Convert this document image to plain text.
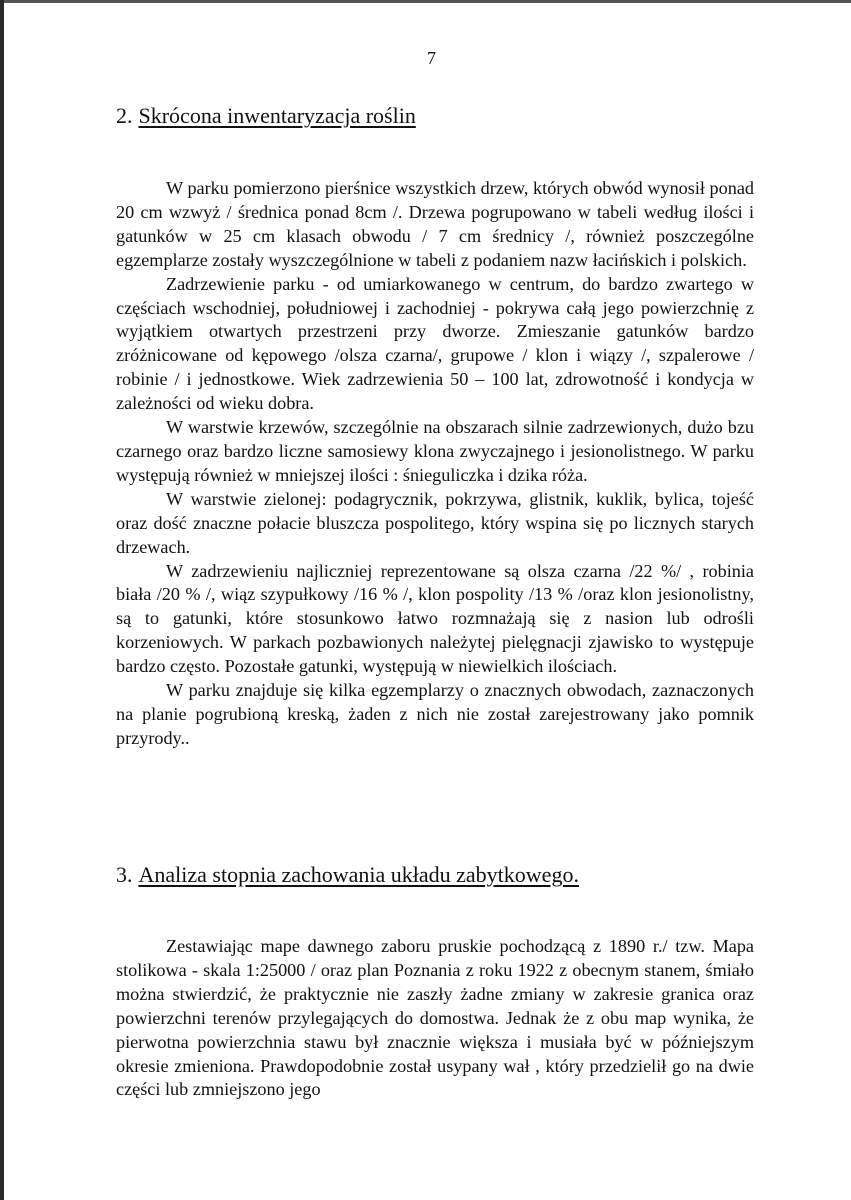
7
2. Skrócona inwentaryzacja roślin

W parku pomierzono pierśnice wszystkich drzew, których obwód wynosił ponad 20 cm wzwyż / średnica ponad 8cm /. Drzewa pogrupowano w tabeli według ilości i gatunków w 25 cm klasach obwodu / 7 cm średnicy /, również poszczególne egzemplarze zostały wyszczególnione w tabeli z podaniem nazw łacińskich i polskich.

Zadrzewienie parku - od umiarkowanego w centrum, do bardzo zwartego w częściach wschodniej, południowej i zachodniej - pokrywa całą jego powierzchnię z wyjątkiem otwartych przestrzeni przy dworze. Zmieszanie gatunków bardzo zróżnicowane od kępowego /olsza czarna/, grupowe / klon i wiązy /, szpalerowe / robinie / i jednostkowe. Wiek zadrzewienia 50 – 100 lat, zdrowotność i kondycja w zależności od wieku dobra.

W warstwie krzewów, szczególnie na obszarach silnie zadrzewionych, dużo bzu czarnego oraz bardzo liczne samosiewy klona zwyczajnego i jesionolistnego. W parku występują również w mniejszej ilości : śnieguliczka i dzika róża.

W warstwie zielonej: podagrycznik, pokrzywa, glistnik, kuklik, bylica, tojeść oraz dość znaczne połacie bluszcza pospolitego, który wspina się po licznych starych drzewach.

W zadrzewieniu najliczniej reprezentowane są olsza czarna /22 %/ , robinia biała /20 % /, wiąz szypułkowy /16 % /, klon pospolity /13 % /oraz klon jesionolistny, są to gatunki, które stosunkowo łatwo rozmnażają się z nasion lub odrośli korzeniowych. W parkach pozbawionych należytej pielęgnacji zjawisko to występuje bardzo często. Pozostałe gatunki, występują w niewielkich ilościach.

W parku znajduje się kilka egzemplarzy o znacznych obwodach, zaznaczonych na planie pogrubioną kreską, żaden z nich nie został zarejestrowany jako pomnik przyrody..

3. Analiza stopnia zachowania układu zabytkowego.

Zestawiając mape dawnego zaboru pruskie pochodzącą z 1890 r./ tzw. Mapa stolikowa - skala 1:25000 / oraz plan Poznania z roku 1922 z obecnym stanem, śmiało można stwierdzić, że praktycznie nie zaszły żadne zmiany w zakresie granica oraz powierzchni terenów przylegających do domostwa. Jednak że z obu map wynika, że pierwotna powierzchnia stawu był znacznie większa i musiała być w późniejszym okresie zmieniona. Prawdopodobnie został usypany wał , który przedzielił go na dwie części lub zmniejszono jego
